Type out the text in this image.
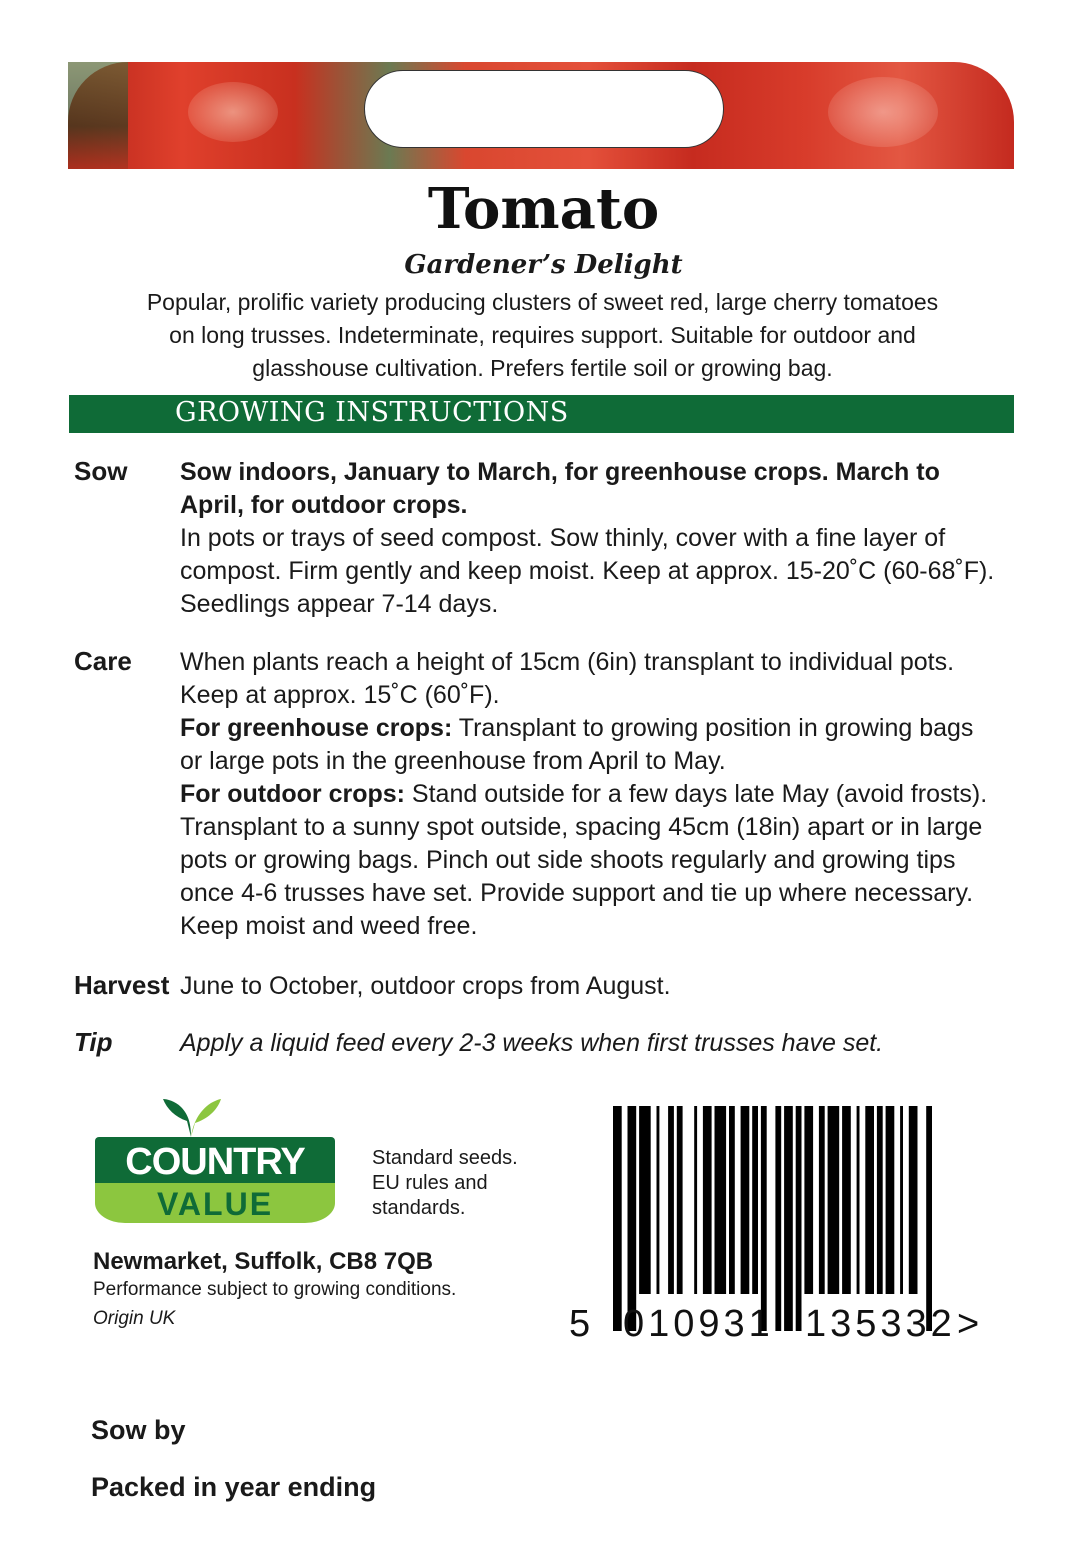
Tomato
Gardener’s Delight
Popular, prolific variety producing clusters of sweet red, large cherry tomatoes
on long trusses. Indeterminate, requires support. Suitable for outdoor and
glasshouse cultivation. Prefers fertile soil or growing bag.
GROWING INSTRUCTIONS
Sow Sow indoors, January to March, for greenhouse crops. March to
April, for outdoor crops.
In pots or trays of seed compost. Sow thinly, cover with a fine layer of
compost. Firm gently and keep moist. Keep at approx. 15-20˚C (60-68˚F).
Seedlings appear 7-14 days.
Care When plants reach a height of 15cm (6in) transplant to individual pots.
Keep at approx. 15˚C (60˚F).
For greenhouse crops: Transplant to growing position in growing bags
or large pots in the greenhouse from April to May.
For outdoor crops: Stand outside for a few days late May (avoid frosts).
Transplant to a sunny spot outside, spacing 45cm (18in) apart or in large
pots or growing bags. Pinch out side shoots regularly and growing tips
once 4-6 trusses have set. Provide support and tie up where necessary.
Keep moist and weed free.
Harvest June to October, outdoor crops from August.
Tip	Apply a liquid feed every 2-3 weeks when first trusses have set.
COUNTRY
VALUE
Standard seeds.
EU rules and
standards.
Newmarket, Suffolk, CB8 7QB
Performance subject to growing conditions.
Origin UK	5 010931 135332 >
Sow by
Packed in year ending
